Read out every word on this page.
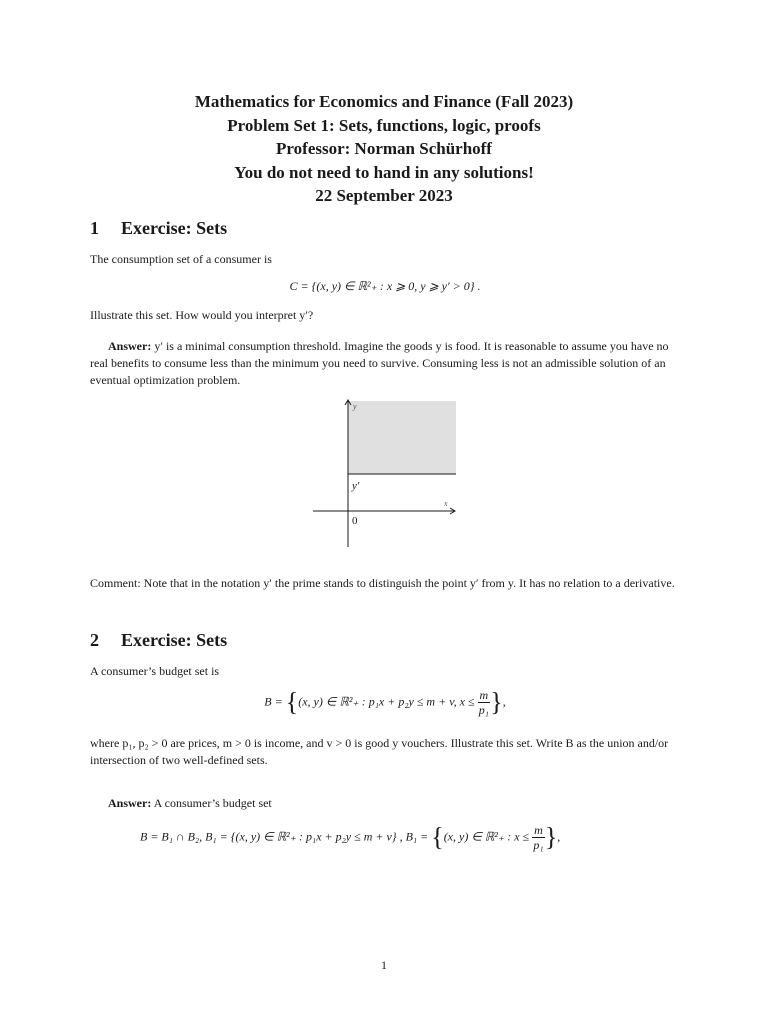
Mathematics for Economics and Finance (Fall 2023)
Problem Set 1: Sets, functions, logic, proofs
Professor: Norman Schürhoff
You do not need to hand in any solutions!
22 September 2023
1 Exercise: Sets
The consumption set of a consumer is
C = {(x, y) ∈ ℝ²₊ : x ⩾ 0, y ⩾ y′ > 0} .
Illustrate this set. How would you interpret y′?
Answer: y′ is a minimal consumption threshold. Imagine the goods y is food. It is reasonable to assume you have no real benefits to consume less than the minimum you need to survive. Consuming less is not an admissible solution of an eventual optimization problem.
y
x
y′
0
Comment: Note that in the notation y′ the prime stands to distinguish the point y′ from y. It has no relation to a derivative.
2 Exercise: Sets
A consumer’s budget set is
B = {(x, y) ∈ ℝ²₊ : p₁x + p₂y ≤ m + v, $x \le \frac{m}{\text{p₁}}$ },
where p₁, p₂ > 0 are prices, m > 0 is income, and v > 0 is good y vouchers. Illustrate this set. Write B as the union and/or intersection of two well-defined sets.
Answer: A consumer’s budget set
B = B₁ ∩ B₂, B₁ = {(x, y) ∈ ℝ²₊ : p₁x + p₂y ≤ m + v} , B₁ = {(x, y) ∈ ℝ²₊ : $x \le \frac{m}{\text{p₁}}$ },
1
